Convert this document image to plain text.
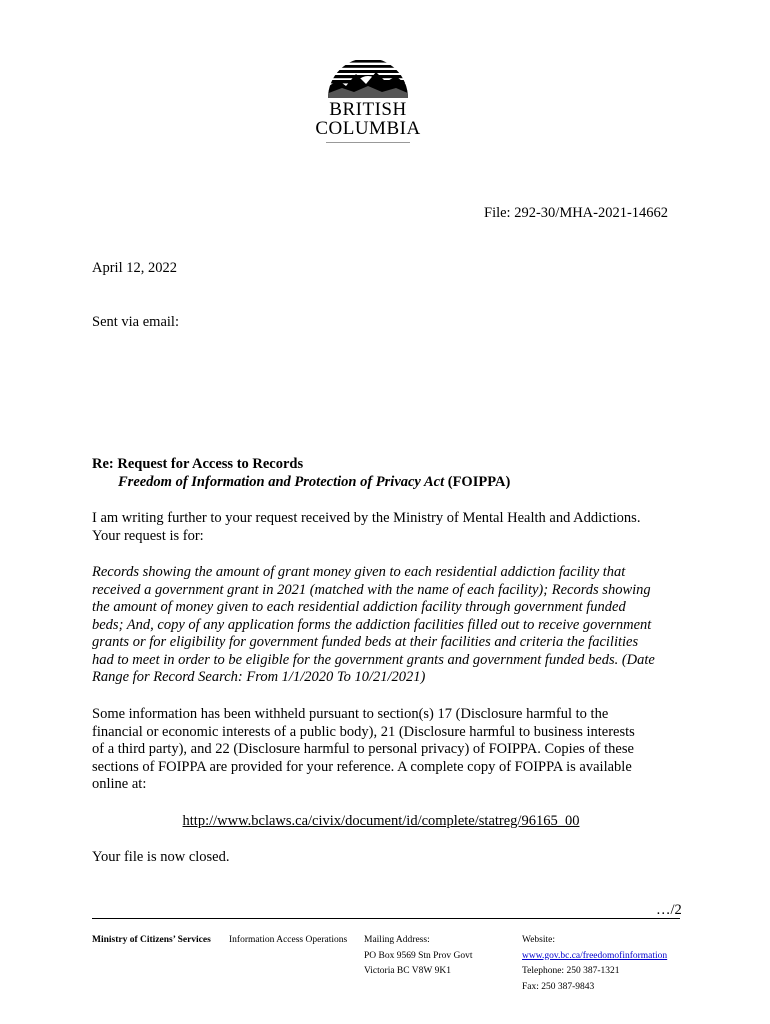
BRITISH
COLUMBIA
File: 292-30/MHA-2021-14662
April 12, 2022
Sent via email:
Re: Request for Access to Records
Freedom of Information and Protection of Privacy Act (FOIPPA)
I am writing further to your request received by the Ministry of Mental Health and Addictions.
Your request is for:
Records showing the amount of grant money given to each residential addiction facility that
received a government grant in 2021 (matched with the name of each facility); Records showing
the amount of money given to each residential addiction facility through government funded
beds; And, copy of any application forms the addiction facilities filled out to receive government
grants or for eligibility for government funded beds at their facilities and criteria the facilities
had to meet in order to be eligible for the government grants and government funded beds. (Date
Range for Record Search: From 1/1/2020 To 10/21/2021)
Some information has been withheld pursuant to section(s) 17 (Disclosure harmful to the
financial or economic interests of a public body), 21 (Disclosure harmful to business interests
of a third party), and 22 (Disclosure harmful to personal privacy) of FOIPPA. Copies of these
sections of FOIPPA are provided for your reference. A complete copy of FOIPPA is available
online at:
http://www.bclaws.ca/civix/document/id/complete/statreg/96165_00
Your file is now closed.
…/2
Ministry of Citizens’ Services Information Access Operations Mailing Address:
PO Box 9569 Stn Prov Govt
Victoria BC V8W 9K1
Website:
www.gov.bc.ca/freedomofinformation
Telephone: 250 387-1321
Fax: 250 387-9843
